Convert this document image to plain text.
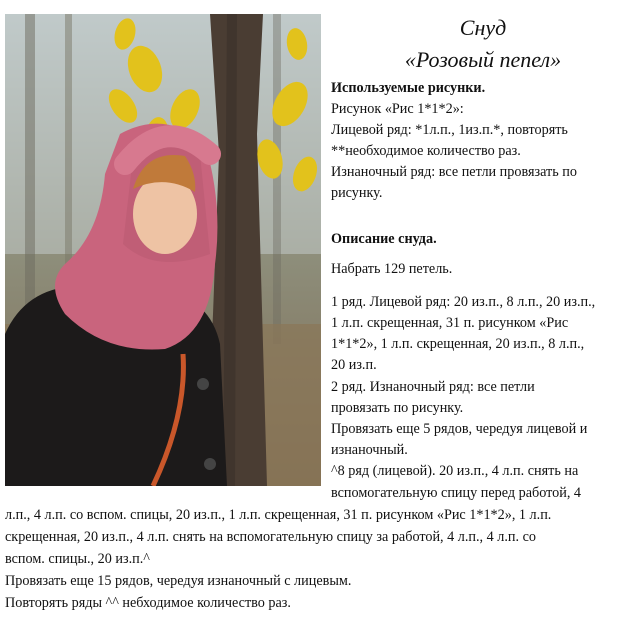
Снуд
«Розовый пепел»
Используемые рисунки.
Рисунок «Рис 1*1*2»:
Лицевой ряд: *1л.п., 1из.п.*, повторять
**необходимое количество раз.
Изнаночный ряд: все петли провязать по
рисунку.
Описание снуда.
Набрать 129 петель.
1 ряд. Лицевой ряд: 20 из.п., 8 л.п., 20 из.п.,
1 л.п. скрещенная, 31 п. рисунком «Рис
1*1*2», 1 л.п. скрещенная, 20 из.п., 8 л.п.,
20 из.п.
2 ряд. Изнаночный ряд: все петли
провязать по рисунку.
Провязать еще 5 рядов, чередуя лицевой и
изнаночный.
^8 ряд (лицевой). 20 из.п., 4 л.п. снять на
вспомогательную спицу перед работой, 4
л.п., 4 л.п. со вспом. спицы, 20 из.п., 1 л.п. скрещенная, 31 п. рисунком «Рис 1*1*2», 1 л.п.
скрещенная, 20 из.п., 4 л.п. снять на вспомогательную спицу за работой, 4 л.п., 4 л.п. со
вспом. спицы., 20 из.п.^
Провязать еще 15 рядов, чередуя изнаночный с лицевым.
Повторять ряды ^^ небходимое количество раз.
